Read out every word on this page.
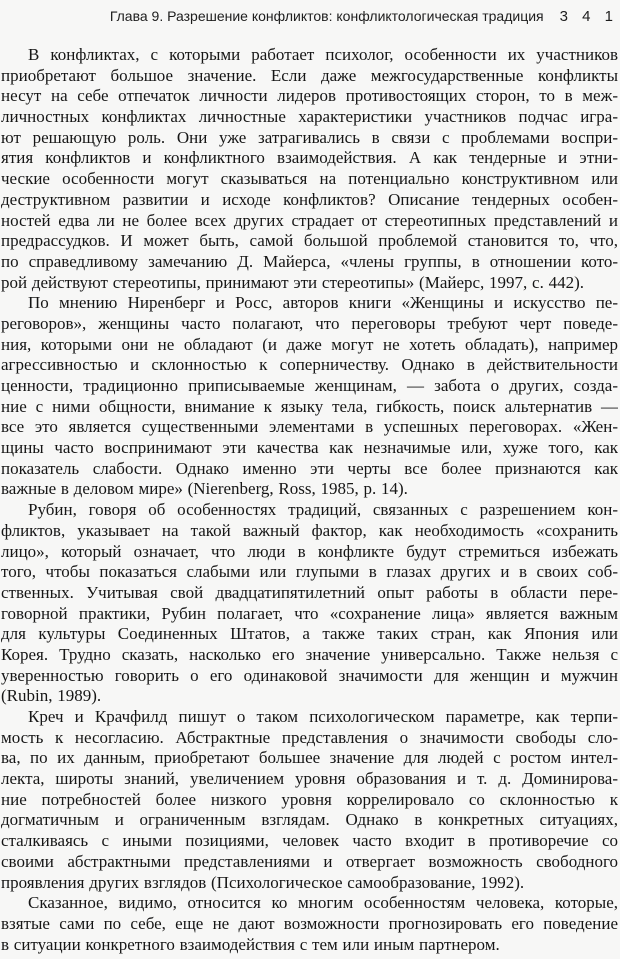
Глава 9. Разрешение конфликтов: конфликтологическая традиция 3 4 1
В конфликтах, с которыми работает психолог, особенности их участников
приобретают большое значение. Если даже межгосударственные конфликты
несут на себе отпечаток личности лидеров противостоящих сторон, то в меж-
личностных конфликтах личностные характеристики участников подчас игра-
ют решающую роль. Они уже затрагивались в связи с проблемами воспри-
ятия конфликтов и конфликтного взаимодействия. А как тендерные и этни-
ческие особенности могут сказываться на потенциально конструктивном или
деструктивном развитии и исходе конфликтов? Описание тендерных особен-
ностей едва ли не более всех других страдает от стереотипных представлений и
предрассудков. И может быть, самой большой проблемой становится то, что,
по справедливому замечанию Д. Майерса, «члены группы, в отношении кото-
рой действуют стереотипы, принимают эти стереотипы» (Майерс, 1997, с. 442).
По мнению Ниренберг и Росс, авторов книги «Женщины и искусство пе-
реговоров», женщины часто полагают, что переговоры требуют черт поведе-
ния, которыми они не обладают (и даже могут не хотеть обладать), например
агрессивностью и склонностью к соперничеству. Однако в действительности
ценности, традиционно приписываемые женщинам, — забота о других, созда-
ние с ними общности, внимание к языку тела, гибкость, поиск альтернатив —
все это является существенными элементами в успешных переговорах. «Жен-
щины часто воспринимают эти качества как незначимые или, хуже того, как
показатель слабости. Однако именно эти черты все более признаются как
важные в деловом мире» (Nierenberg, Ross, 1985, p. 14).
Рубин, говоря об особенностях традиций, связанных с разрешением кон-
фликтов, указывает на такой важный фактор, как необходимость «сохранить
лицо», который означает, что люди в конфликте будут стремиться избежать
того, чтобы показаться слабыми или глупыми в глазах других и в своих соб-
ственных. Учитывая свой двадцатипятилетний опыт работы в области пере-
говорной практики, Рубин полагает, что «сохранение лица» является важным
для культуры Соединенных Штатов, а также таких стран, как Япония или
Корея. Трудно сказать, насколько его значение универсально. Также нельзя с
уверенностью говорить о его одинаковой значимости для женщин и мужчин
(Rubin, 1989).
Креч и Крачфилд пишут о таком психологическом параметре, как терпи-
мость к несогласию. Абстрактные представления о значимости свободы сло-
ва, по их данным, приобретают большее значение для людей с ростом интел-
лекта, широты знаний, увеличением уровня образования и т. д. Доминирова-
ние потребностей более низкого уровня коррелировало со склонностью к
догматичным и ограниченным взглядам. Однако в конкретных ситуациях,
сталкиваясь с иными позициями, человек часто входит в противоречие со
своими абстрактными представлениями и отвергает возможность свободного
проявления других взглядов (Психологическое самообразование, 1992).
Сказанное, видимо, относится ко многим особенностям человека, которые,
взятые сами по себе, еще не дают возможности прогнозировать его поведение
в ситуации конкретного взаимодействия с тем или иным партнером.
